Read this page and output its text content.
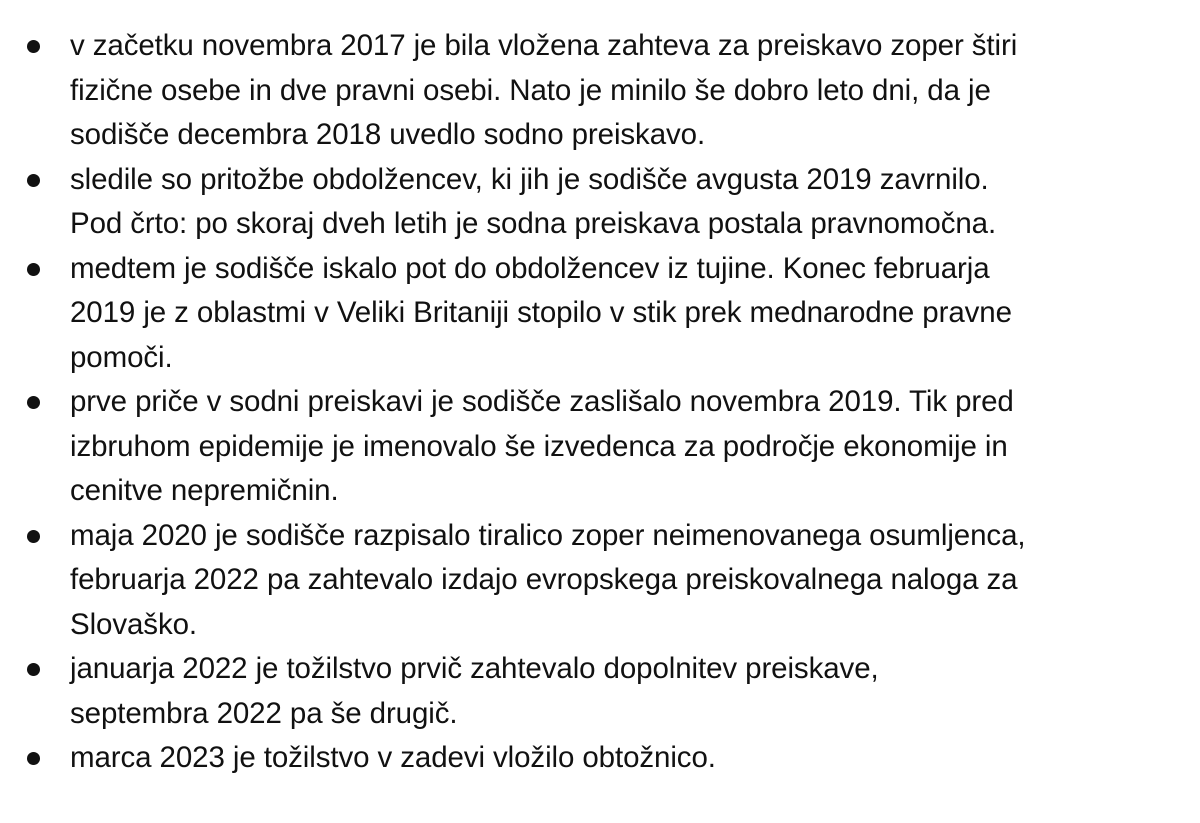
v začetku novembra 2017 je bila vložena zahteva za preiskavo zoper štiri
fizične osebe in dve pravni osebi. Nato je minilo še dobro leto dni, da je
sodišče decembra 2018 uvedlo sodno preiskavo.
sledile so pritožbe obdolžencev, ki jih je sodišče avgusta 2019 zavrnilo.
Pod črto: po skoraj dveh letih je sodna preiskava postala pravnomočna.
medtem je sodišče iskalo pot do obdolžencev iz tujine. Konec februarja
2019 je z oblastmi v Veliki Britaniji stopilo v stik prek mednarodne pravne
pomoči.
prve priče v sodni preiskavi je sodišče zaslišalo novembra 2019. Tik pred
izbruhom epidemije je imenovalo še izvedenca za področje ekonomije in
cenitve nepremičnin.
maja 2020 je sodišče razpisalo tiralico zoper neimenovanega osumljenca,
februarja 2022 pa zahtevalo izdajo evropskega preiskovalnega naloga za
Slovaško.
januarja 2022 je tožilstvo prvič zahtevalo dopolnitev preiskave,
septembra 2022 pa še drugič.
marca 2023 je tožilstvo v zadevi vložilo obtožnico.
